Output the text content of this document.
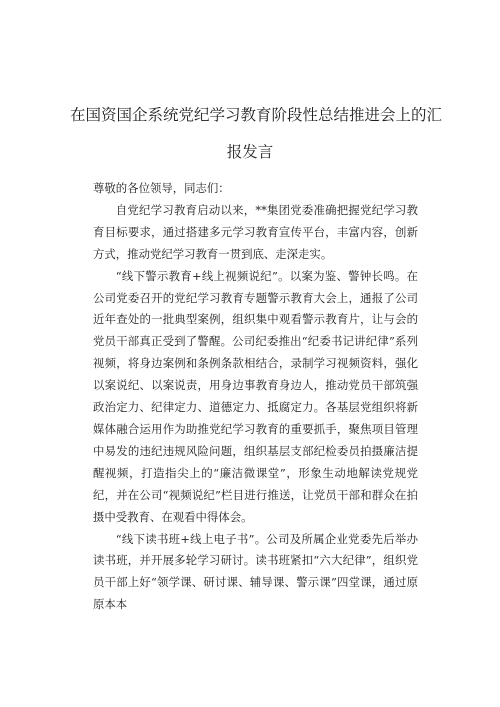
在国资国企系统党纪学习教育阶段性总结推进会上的汇
报发言

尊敬的各位领导，同志们：

自党纪学习教育启动以来，**集团党委准确把握党纪学习教育目标要求，通过搭建多元学习教育宣传平台，丰富内容，创新方式，推动党纪学习教育一贯到底、走深走实。

“线下警示教育+线上视频说纪”。以案为鉴、警钟长鸣。在公司党委召开的党纪学习教育专题警示教育大会上，通报了公司近年查处的一批典型案例，组织集中观看警示教育片，让与会的党员干部真正受到了警醒。公司纪委推出“纪委书记讲纪律”系列视频，将身边案例和条例条款相结合，录制学习视频资料，强化以案说纪、以案说责，用身边事教育身边人，推动党员干部筑强政治定力、纪律定力、道德定力、抵腐定力。各基层党组织将新媒体融合运用作为助推党纪学习教育的重要抓手，聚焦项目管理中易发的违纪违规风险问题，组织基层支部纪检委员拍摄廉洁提醒视频，打造指尖上的“廉洁微课堂”，形象生动地解读党规党纪，并在公司“视频说纪”栏目进行推送，让党员干部和群众在拍摄中受教育、在观看中得体会。

“线下读书班+线上电子书”。公司及所属企业党委先后举办读书班，并开展多轮学习研讨。读书班紧扣“六大纪律”，组织党员干部上好“领学课、研讨课、辅导课、警示课”四堂课，通过原原本本
